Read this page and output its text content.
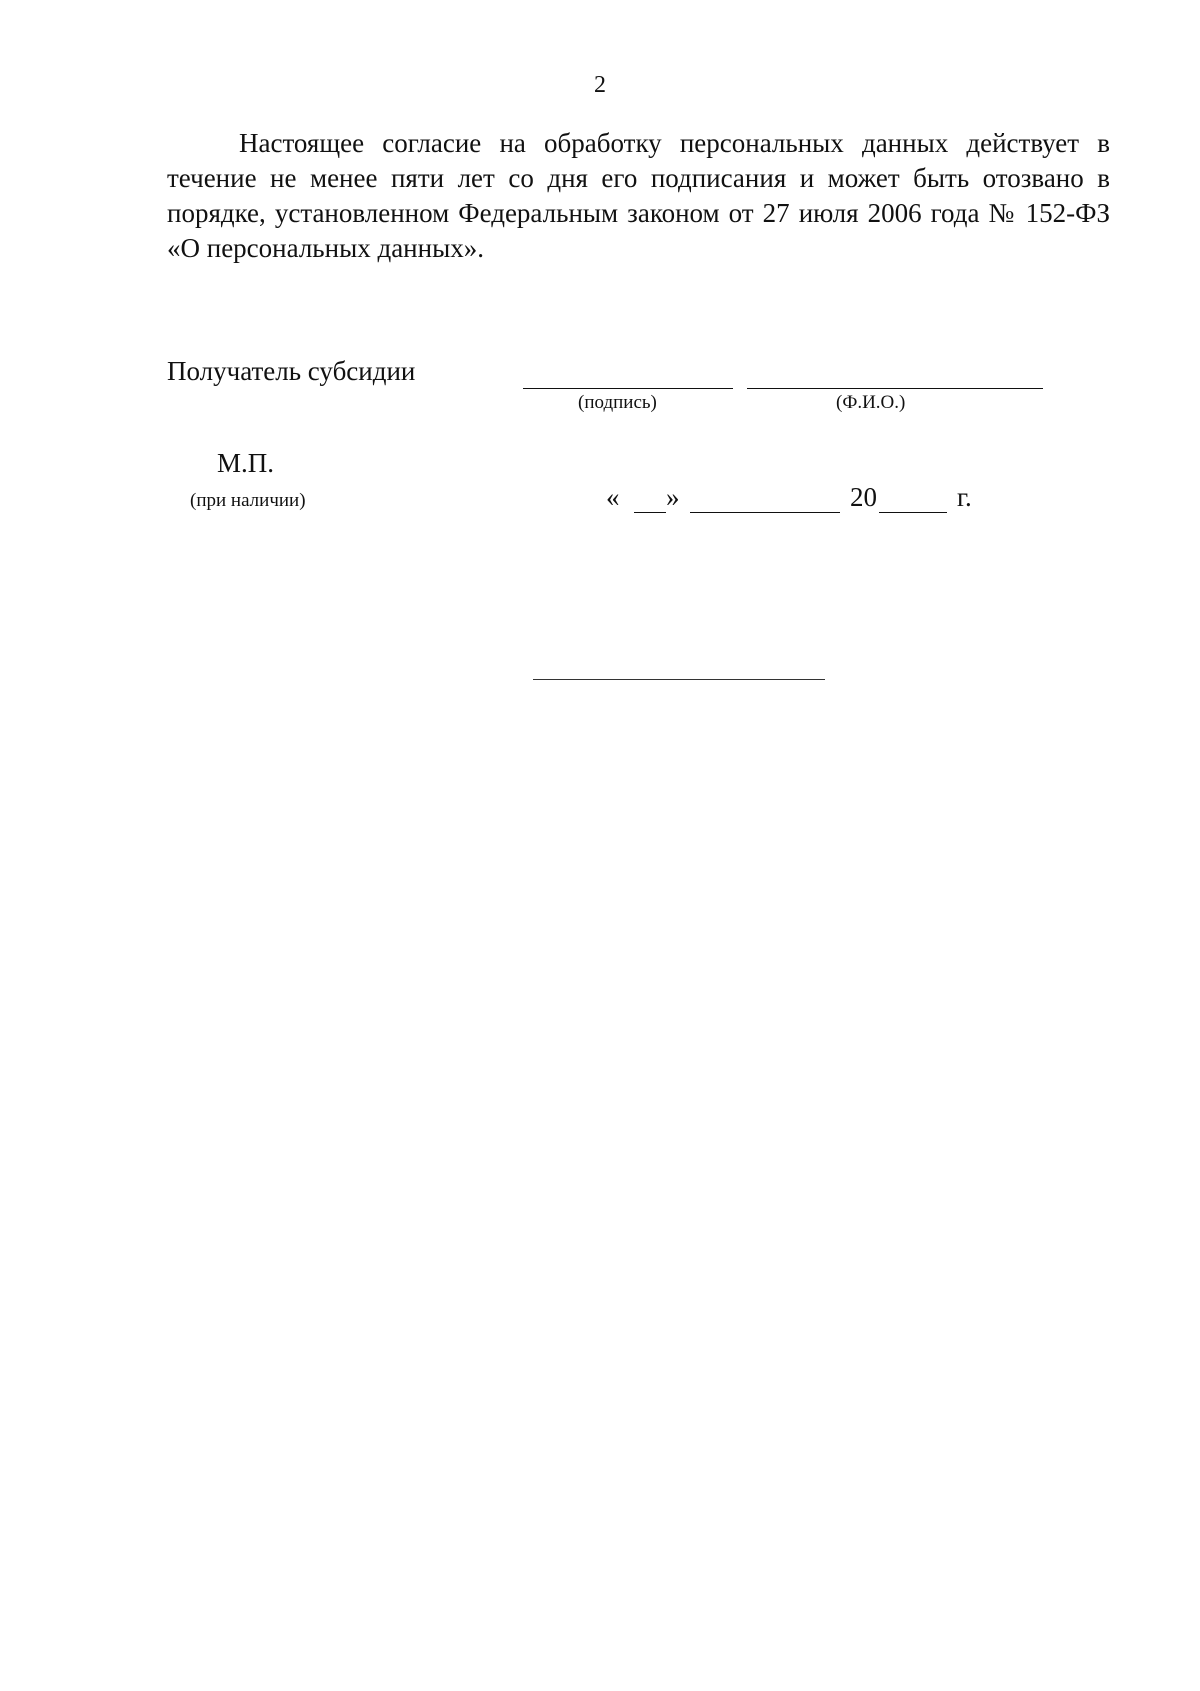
2

Настоящее согласие на обработку персональных данных действует в течение не менее пяти лет со дня его подписания и может быть отозвано в порядке, установленном Федеральным законом от 27 июля 2006 года № 152-ФЗ «О персональных данных».

Получатель субсидии
(подпись)	(Ф.И.О.)
М.П.
(при наличии)	« »	20	г.
